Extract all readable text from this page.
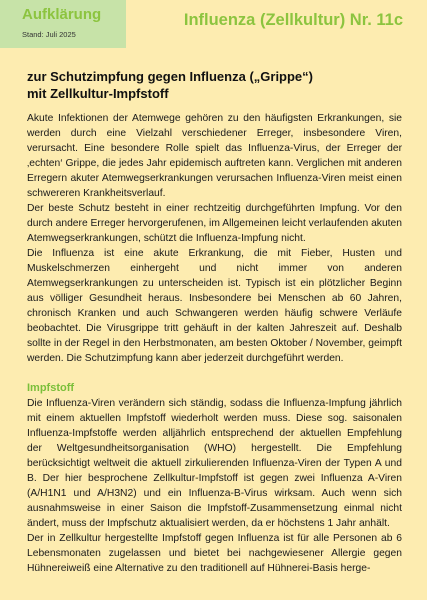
Aufklärung
Stand: Juli 2025
Influenza (Zellkultur) Nr. 11c
zur Schutzimpfung gegen Influenza („Grippe“)
mit Zellkultur-Impfstoff

Akute Infektionen der Atemwege gehören zu den häufigsten Erkrankungen, sie werden durch eine Vielzahl verschiedener Erreger, insbesondere Viren, verursacht. Eine besondere Rolle spielt das Influenza-Virus, der Erreger der ‚echten‘ Grippe, die jedes Jahr epidemisch auftreten kann. Verglichen mit anderen Erregern akuter Atemwegserkrankungen verursachen Influenza-Viren meist einen schwereren Krankheitsverlauf.

Der beste Schutz besteht in einer rechtzeitig durchgeführten Impfung. Vor den durch andere Erreger hervorgerufenen, im Allgemeinen leicht verlaufenden akuten Atemwegserkrankungen, schützt die Influenza-Impfung nicht.

Die Influenza ist eine akute Erkrankung, die mit Fieber, Husten und Muskelschmerzen einhergeht und nicht immer von anderen Atemwegserkrankungen zu unterscheiden ist. Typisch ist ein plötzlicher Beginn aus völliger Gesundheit heraus. Insbesondere bei Menschen ab 60 Jahren, chronisch Kranken und auch Schwangeren werden häufig schwere Verläufe beobachtet. Die Virusgrippe tritt gehäuft in der kalten Jahreszeit auf. Deshalb sollte in der Regel in den Herbstmonaten, am besten Oktober / November, geimpft werden. Die Schutzimpfung kann aber jederzeit durchgeführt werden.

Impfstoff

Die Influenza-Viren verändern sich ständig, sodass die Influenza-Impfung jährlich mit einem aktuellen Impfstoff wiederholt werden muss. Diese sog. saisonalen Influenza-Impfstoffe werden alljährlich entsprechend der aktuellen Empfehlung der Weltgesundheitsorganisation (WHO) hergestellt. Die Empfehlung berücksichtigt weltweit die aktuell zirkulierenden Influenza-Viren der Typen A und B. Der hier besprochene Zellkultur-Impfstoff ist gegen zwei Influenza A-Viren (A/H1N1 und A/H3N2) und ein Influenza-B-Virus wirksam. Auch wenn sich ausnahmsweise in einer Saison die Impfstoff-Zusammensetzung einmal nicht ändert, muss der Impfschutz aktualisiert werden, da er höchstens 1 Jahr anhält.

Der in Zellkultur hergestellte Impfstoff gegen Influenza ist für alle Personen ab 6 Lebensmonaten zugelassen und bietet bei nachgewiesener Allergie gegen Hühnereiweiß eine Alternative zu den traditionell auf Hühnerei-Basis herge-
